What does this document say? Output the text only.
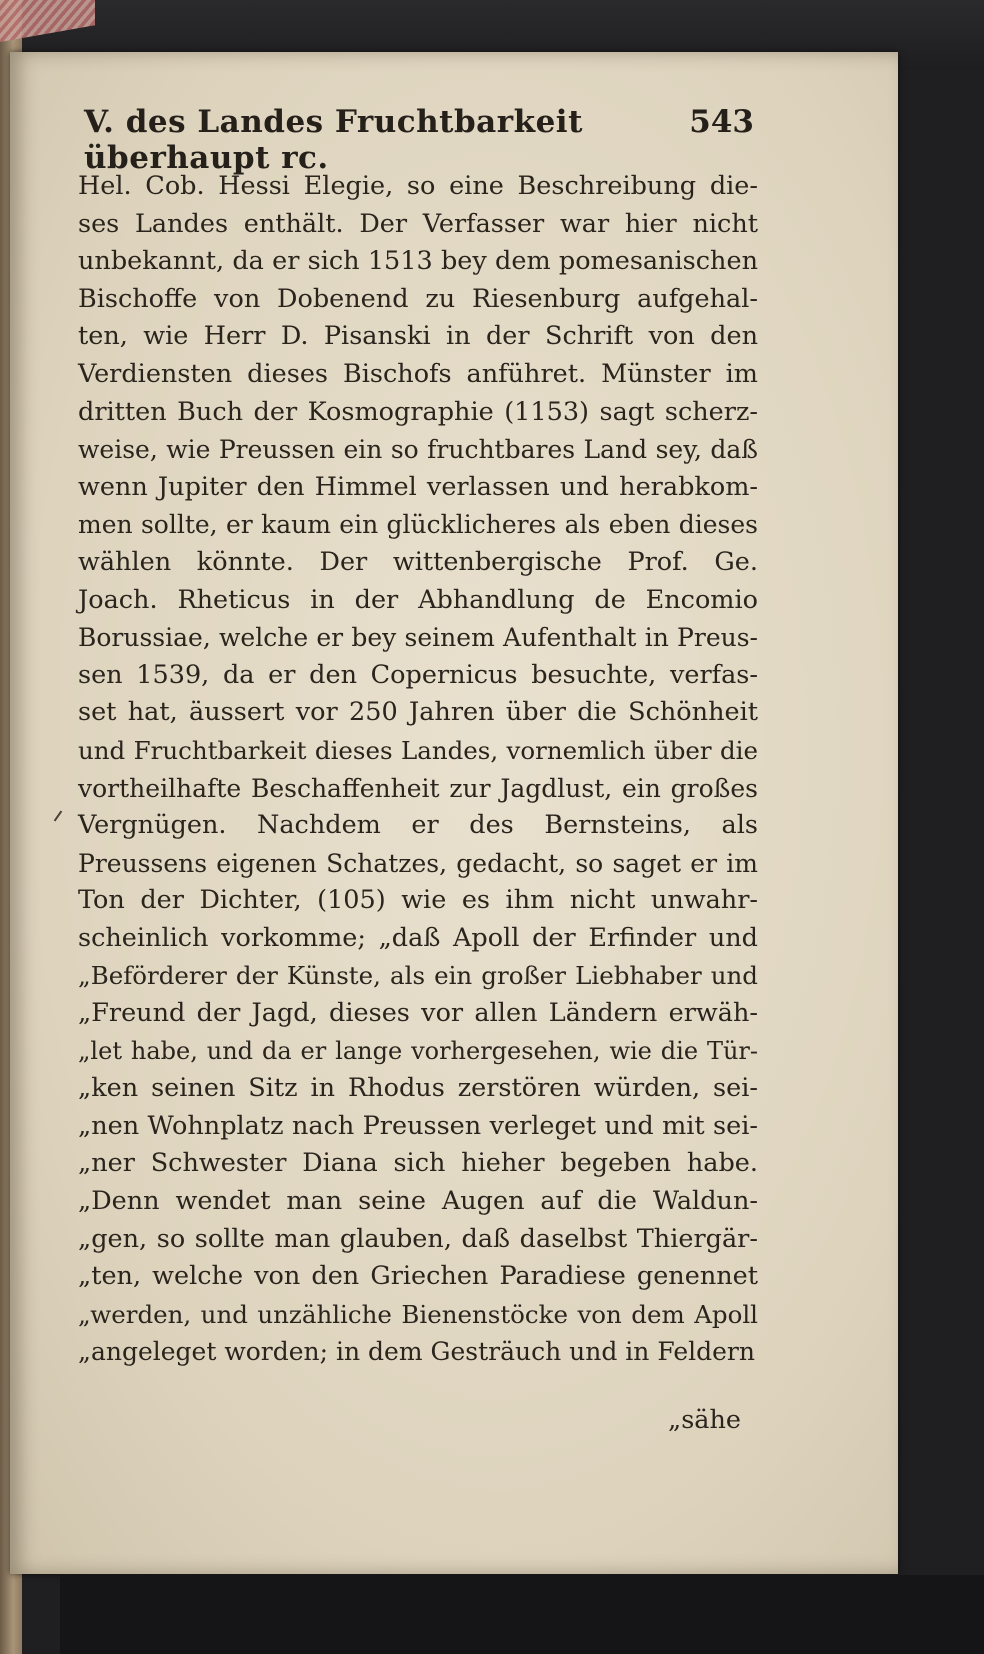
V. des Landes Fruchtbarkeit überhaupt rc.
543
Hel. Cob. Hessi Elegie, so eine Beschreibung die-
ses Landes enthält. Der Verfasser war hier nicht
unbekannt, da er sich 1513 bey dem pomesanischen
Bischoffe von Dobenend zu Riesenburg aufgehal-
ten, wie Herr D. Pisanski in der Schrift von den
Verdiensten dieses Bischofs anführet. Münster im
dritten Buch der Kosmographie (1153) sagt scherz-
weise, wie Preussen ein so fruchtbares Land sey, daß
wenn Jupiter den Himmel verlassen und herabkom-
men sollte, er kaum ein glücklicheres als eben dieses
wählen könnte. Der wittenbergische Prof. Ge.
Joach. Rheticus in der Abhandlung de Encomio
Borussiae, welche er bey seinem Aufenthalt in Preus-
sen 1539, da er den Copernicus besuchte, verfas-
set hat, äussert vor 250 Jahren über die Schönheit
und Fruchtbarkeit dieses Landes, vornemlich über die
vortheilhafte Beschaffenheit zur Jagdlust, ein großes
Vergnügen. Nachdem er des Bernsteins, als
Preussens eigenen Schatzes, gedacht, so saget er im
Ton der Dichter, (105) wie es ihm nicht unwahr-
scheinlich vorkomme; „daß Apoll der Erfinder und
„Beförderer der Künste, als ein großer Liebhaber und
„Freund der Jagd, dieses vor allen Ländern erwäh-
„let habe, und da er lange vorhergesehen, wie die Tür-
„ken seinen Sitz in Rhodus zerstören würden, sei-
„nen Wohnplatz nach Preussen verleget und mit sei-
„ner Schwester Diana sich hieher begeben habe.
„Denn wendet man seine Augen auf die Waldun-
„gen, so sollte man glauben, daß daselbst Thiergär-
„ten, welche von den Griechen Paradiese genennet
„werden, und unzähliche Bienenstöcke von dem Apoll
„angeleget worden; in dem Gesträuch und in Feldern
„sähe
